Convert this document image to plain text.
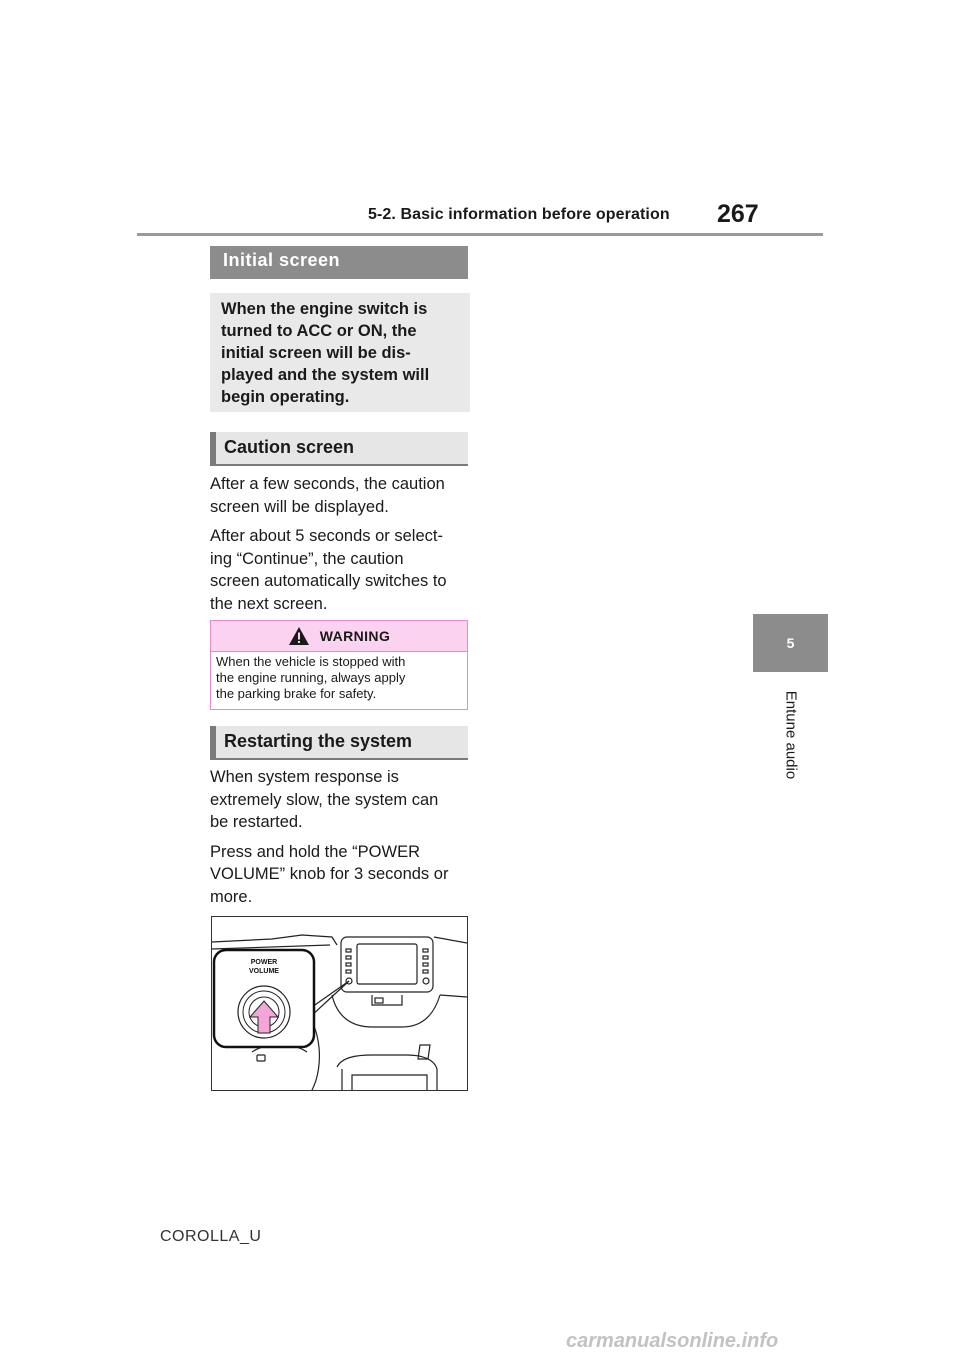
5-2. Basic information before operation 267
5
Entune audio
Initial screen
When the engine switch is
turned to ACC or ON, the
initial screen will be dis-
played and the system will
begin operating.
Caution screen

After a few seconds, the caution
screen will be displayed.

After about 5 seconds or select-
ing “Continue”, the caution
screen automatically switches to
the next screen.

WARNING
When the vehicle is stopped with
the engine running, always apply
the parking brake for safety.
Restarting the system

When system response is
extremely slow, the system can
be restarted.

Press and hold the “POWER
VOLUME” knob for 3 seconds or
more.

POWER
VOLUME
COROLLA_U
carmanualsonline.info
